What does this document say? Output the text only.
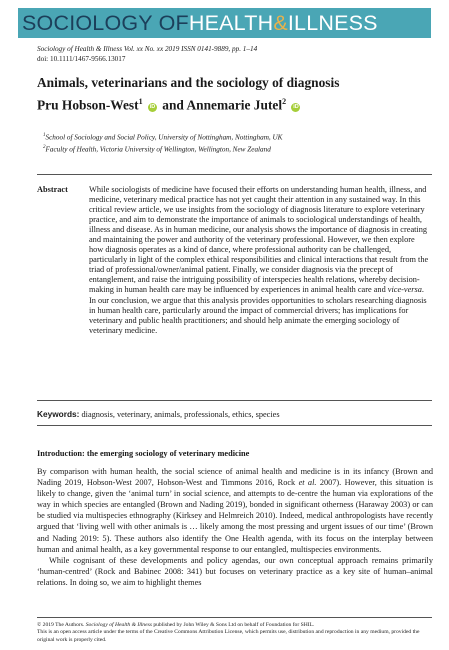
SOCIOLOGY OF HEALTH & ILLNESS
Sociology of Health & Illness Vol. xx No. xx 2019 ISSN 0141-9889, pp. 1–14
doi: 10.1111/1467-9566.13017
Animals, veterinarians and the sociology of diagnosis
Pru Hobson-West$^1$ iD and Annemarie Jutel$^2$ iD
$^1$School of Sociology and Social Policy, University of Nottingham, Nottingham, UK
$^2$Faculty of Health, Victoria University of Wellington, Wellington, New Zealand
Abstract	While sociologists of medicine have focused their efforts on understanding human health, illness, and medicine, veterinary medical practice has not yet caught their attention in any sustained way. In this critical review article, we use insights from the sociology of diagnosis literature to explore veterinary practice, and aim to demonstrate the importance of animals to sociological understandings of health, illness and disease. As in human medicine, our analysis shows the importance of diagnosis in creating and maintaining the power and authority of the veterinary professional. However, we then explore how diagnosis operates as a kind of dance, where professional authority can be challenged, particularly in light of the complex ethical responsibilities and clinical interactions that result from the triad of professional/owner/animal patient. Finally, we consider diagnosis via the precept of entanglement, and raise the intriguing possibility of interspecies health relations, whereby decision-making in human health care may be influenced by experiences in animal health care and vice-versa. In our conclusion, we argue that this analysis provides opportunities to scholars researching diagnosis in human health care, particularly around the impact of commercial drivers; has implications for veterinary and public health practitioners; and should help animate the emerging sociology of veterinary medicine.
Keywords: diagnosis, veterinary, animals, professionals, ethics, species
Introduction: the emerging sociology of veterinary medicine

By comparison with human health, the social science of animal health and medicine is in its infancy (Brown and Nading 2019, Hobson-West 2007, Hobson-West and Timmons 2016, Rock et al. 2007). However, this situation is likely to change, given the ‘animal turn’ in social science, and attempts to de-centre the human via explorations of the way in which species are entangled (Brown and Nading 2019), bonded in significant otherness (Haraway 2003) or can be studied via multispecies ethnography (Kirksey and Helmreich 2010). Indeed, medical anthropologists have recently argued that ‘living well with other animals is … likely among the most pressing and urgent issues of our time’ (Brown and Nading 2019: 5). These authors also identify the One Health agenda, with its focus on the interplay between human and animal health, as a key governmental response to our entangled, multispecies environments.

While cognisant of these developments and policy agendas, our own conceptual approach remains primarily ‘human-centred’ (Rock and Babinec 2008: 341) but focuses on veterinary practice as a key site of human–animal relations. In doing so, we aim to highlight themes

© 2019 The Authors. Sociology of Health & Illness published by John Wiley & Sons Ltd on behalf of Foundation for SHIL.
This is an open access article under the terms of the Creative Commons Attribution License, which permits use, distribution and reproduction in any medium, provided the original work is properly cited.
